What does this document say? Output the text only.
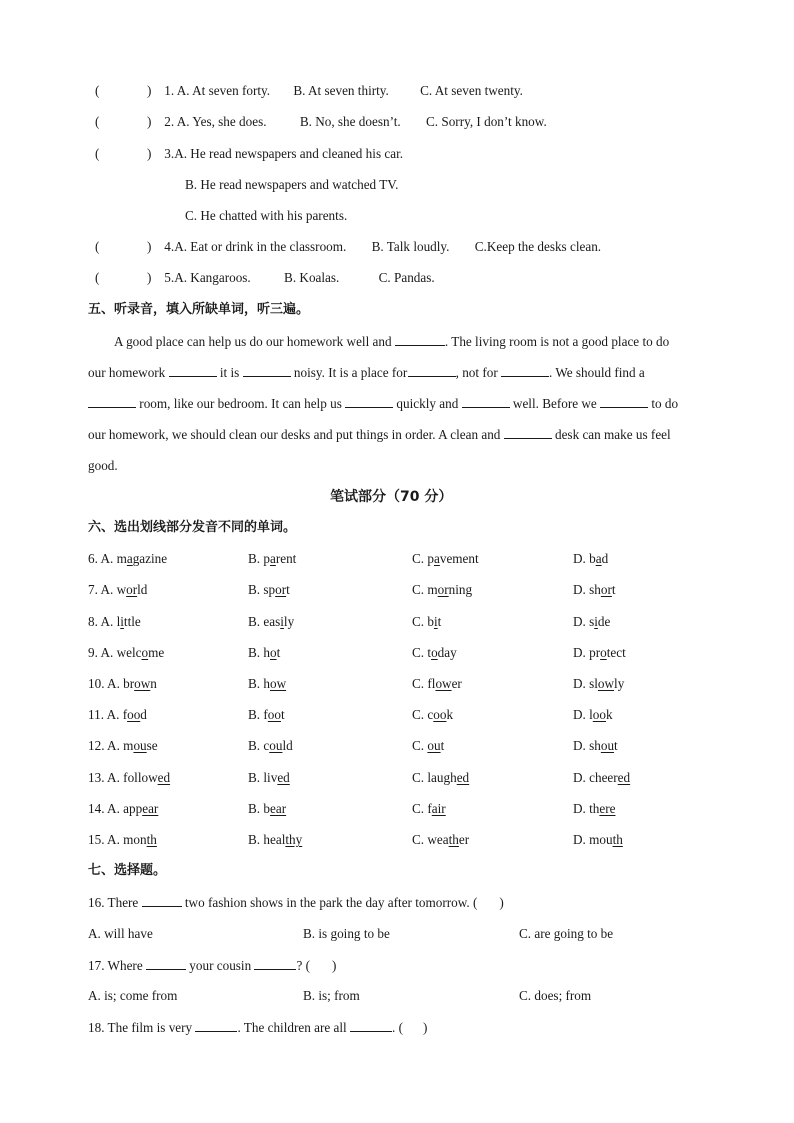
(	) 1. A. At seven forty. B. At seven thirty. C. At seven twenty.
(	) 2. A. Yes, she does.	B. No, she doesn’t. C. Sorry, I don’t know.
(	) 3.A. He read newspapers and cleaned his car.
B. He read newspapers and watched TV.
C. He chatted with his parents.
(	) 4.A. Eat or drink in the classroom. B. Talk loudly. C.Keep the desks clean.
(	) 5.A. Kangaroos.	B. Koalas.	C. Pandas.
五、听录音，填入所缺单词，听三遍。
A good place can help us do our homework well and	. The living room is not a good place to do
our homework	it is	noisy. It is a place for	, not for	. We should find a
room, like our bedroom. It can help us	quickly and	well. Before we	to do
our homework, we should clean our desks and put things in order. A clean and	desk can make us feel
good.
笔试部分（70 分）
六、选出划线部分发音不同的单词。
6. A. magazine	B. parent	C. pavement	D. bad
7. A. world	B. sport	C. morning	D. short
8. A. little	B. easily	C. bit	D. side
9. A. welcome	B. hot	C. today	D. protect
10. A. brown	B. how	C. flower	D. slowly
11. A. food	B. foot	C. cook	D. look
12. A. mouse	B. could	C. out	D. shout
13. A. followed	B. lived	C. laughed	D. cheered
14. A. appear	B. bear	C. fair	D. there
15. A. month	B. healthy	C. weather	D. mouth
七、选择题。
16. There	two fashion shows in the park the day after tomorrow. ( )
A. will have	B. is going to be	C. are going to be
17. Where	your cousin	? ( )
A. is; come from	B. is; from	C. does; from
18. The film is very	. The children are all	. ( )
